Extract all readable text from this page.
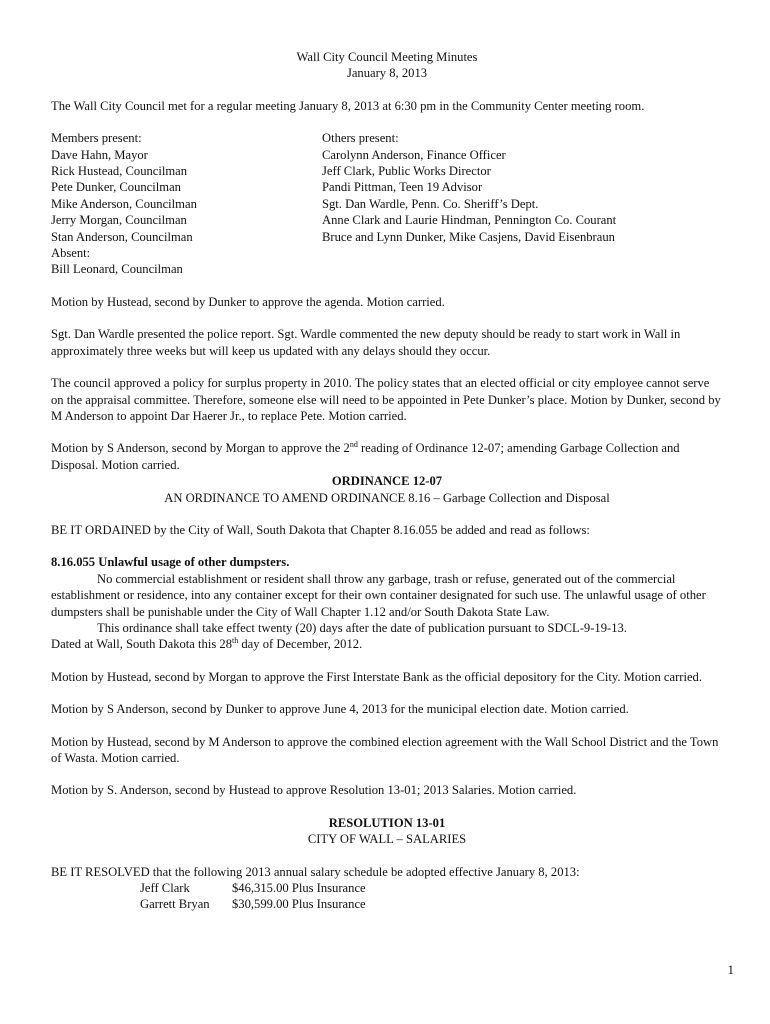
Wall City Council Meeting Minutes

January 8, 2013

The Wall City Council met for a regular meeting January 8, 2013 at 6:30 pm in the Community Center meeting room.

Members present:

Dave Hahn, Mayor

Rick Hustead, Councilman

Pete Dunker, Councilman

Mike Anderson, Councilman

Jerry Morgan, Councilman

Stan Anderson, Councilman

Absent:

Bill Leonard, Councilman

Others present:

Carolynn Anderson, Finance Officer

Jeff Clark, Public Works Director

Pandi Pittman, Teen 19 Advisor

Sgt. Dan Wardle, Penn. Co. Sheriff’s Dept.

Anne Clark and Laurie Hindman, Pennington Co. Courant

Bruce and Lynn Dunker, Mike Casjens, David Eisenbraun

Motion by Hustead, second by Dunker to approve the agenda. Motion carried.

Sgt. Dan Wardle presented the police report. Sgt. Wardle commented the new deputy should be ready to start work in Wall in approximately three weeks but will keep us updated with any delays should they occur.

The council approved a policy for surplus property in 2010. The policy states that an elected official or city employee cannot serve on the appraisal committee. Therefore, someone else will need to be appointed in Pete Dunker’s place. Motion by Dunker, second by M Anderson to appoint Dar Haerer Jr., to replace Pete. Motion carried.

Motion by S Anderson, second by Morgan to approve the 2nd reading of Ordinance 12-07; amending Garbage Collection and Disposal. Motion carried.

ORDINANCE 12-07

AN ORDINANCE TO AMEND ORDINANCE 8.16 – Garbage Collection and Disposal

BE IT ORDAINED by the City of Wall, South Dakota that Chapter 8.16.055 be added and read as follows:

8.16.055 Unlawful usage of other dumpsters.

No commercial establishment or resident shall throw any garbage, trash or refuse, generated out of the commercial establishment or residence, into any container except for their own container designated for such use. The unlawful usage of other dumpsters shall be punishable under the City of Wall Chapter 1.12 and/or South Dakota State Law.

This ordinance shall take effect twenty (20) days after the date of publication pursuant to SDCL-9-19-13.

Dated at Wall, South Dakota this 28th day of December, 2012.

Motion by Hustead, second by Morgan to approve the First Interstate Bank as the official depository for the City. Motion carried.

Motion by S Anderson, second by Dunker to approve June 4, 2013 for the municipal election date. Motion carried.

Motion by Hustead, second by M Anderson to approve the combined election agreement with the Wall School District and the Town of Wasta. Motion carried.

Motion by S. Anderson, second by Hustead to approve Resolution 13-01; 2013 Salaries. Motion carried.

RESOLUTION 13-01

CITY OF WALL – SALARIES

BE IT RESOLVED that the following 2013 annual salary schedule be adopted effective January 8, 2013:

Jeff Clark	$46,315.00 Plus Insurance
Garrett Bryan	$30,599.00 Plus Insurance
1
